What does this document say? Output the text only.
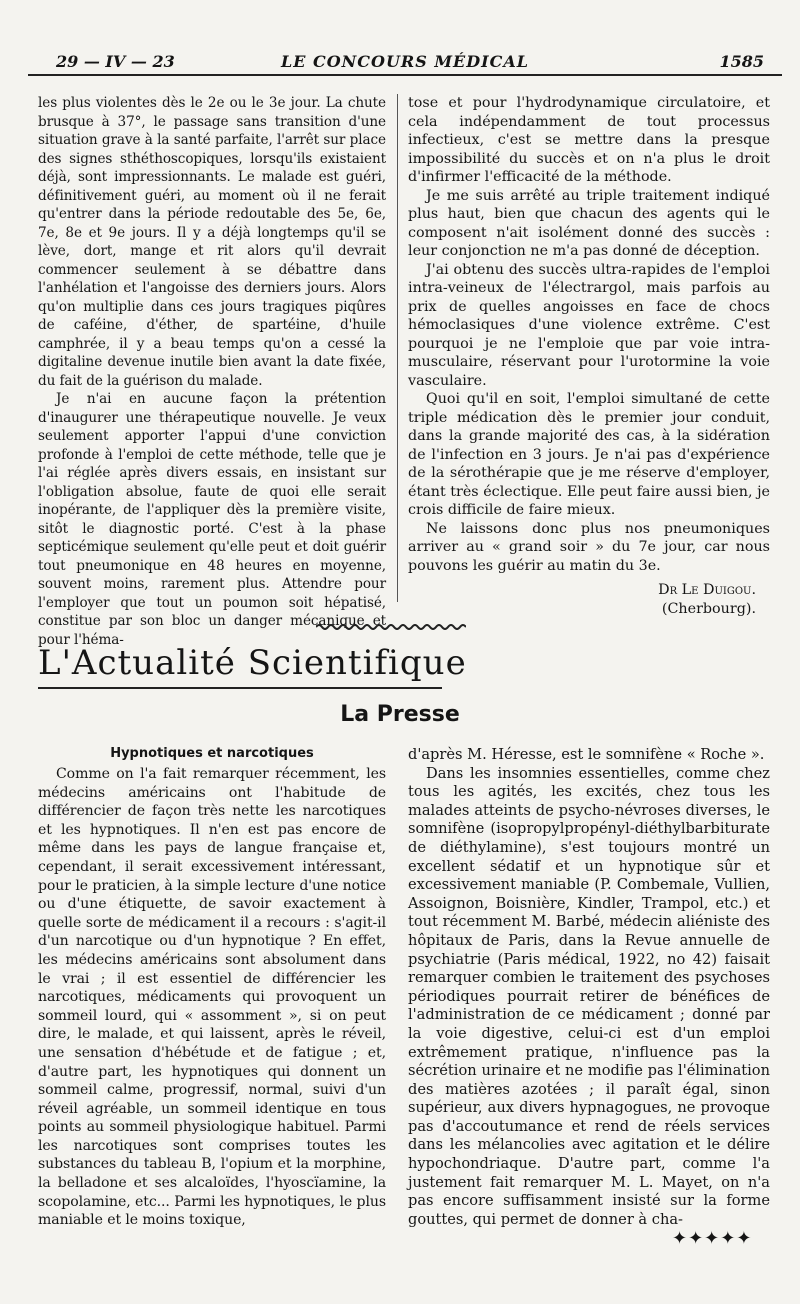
29 — IV — 23	LE CONCOURS MÉDICAL	1585

les plus violentes dès le 2e ou le 3e jour. La chute brusque à 37°, le passage sans transition d'une situation grave à la santé parfaite, l'arrêt sur place des signes sthéthoscopiques, lorsqu'ils existaient déjà, sont impressionnants. Le malade est guéri, définitivement guéri, au moment où il ne ferait qu'entrer dans la période redoutable des 5e, 6e, 7e, 8e et 9e jours. Il y a déjà longtemps qu'il se lève, dort, mange et rit alors qu'il devrait commencer seulement à se débattre dans l'anhélation et l'angoisse des derniers jours. Alors qu'on multiplie dans ces jours tragiques piqûres de caféine, d'éther, de spartéine, d'huile camphrée, il y a beau temps qu'on a cessé la digitaline devenue inutile bien avant la date fixée, du fait de la guérison du malade.

Je n'ai en aucune façon la prétention d'inaugurer une thérapeutique nouvelle. Je veux seulement apporter l'appui d'une conviction profonde à l'emploi de cette méthode, telle que je l'ai réglée après divers essais, en insistant sur l'obligation absolue, faute de quoi elle serait inopérante, de l'appliquer dès la première visite, sitôt le diagnostic porté. C'est à la phase septicémique seulement qu'elle peut et doit guérir tout pneumonique en 48 heures en moyenne, souvent moins, rarement plus. Attendre pour l'employer que tout un poumon soit hépatisé, constitue par son bloc un danger mécanique et pour l'héma-

tose et pour l'hydrodynamique circulatoire, et cela indépendamment de tout processus infectieux, c'est se mettre dans la presque impossibilité du succès et on n'a plus le droit d'infirmer l'efficacité de la méthode.

Je me suis arrêté au triple traitement indiqué plus haut, bien que chacun des agents qui le composent n'ait isolément donné des succès : leur conjonction ne m'a pas donné de déception.

J'ai obtenu des succès ultra-rapides de l'emploi intra-veineux de l'électrargol, mais parfois au prix de quelles angoisses en face de chocs hémoclasiques d'une violence extrême. C'est pourquoi je ne l'emploie que par voie intra-musculaire, réservant pour l'urotormine la voie vasculaire.

Quoi qu'il en soit, l'emploi simultané de cette triple médication dès le premier jour conduit, dans la grande majorité des cas, à la sidération de l'infection en 3 jours. Je n'ai pas d'expérience de la sérothérapie que je me réserve d'employer, étant très éclectique. Elle peut faire aussi bien, je crois difficile de faire mieux.

Ne laissons donc plus nos pneumoniques arriver au « grand soir » du 7e jour, car nous pouvons les guérir au matin du 3e.

Dr Le Duigou.
(Cherbourg).
L'Actualité Scientifique
La Presse
Hypnotiques et narcotiques

Comme on l'a fait remarquer récemment, les médecins américains ont l'habitude de différencier de façon très nette les narcotiques et les hypnotiques. Il n'en est pas encore de même dans les pays de langue française et, cependant, il serait excessivement intéressant, pour le praticien, à la simple lecture d'une notice ou d'une étiquette, de savoir exactement à quelle sorte de médicament il a recours : s'agit-il d'un narcotique ou d'un hypnotique ? En effet, les médecins américains sont absolument dans le vrai ; il est essentiel de différencier les narcotiques, médicaments qui provoquent un sommeil lourd, qui « assomment », si on peut dire, le malade, et qui laissent, après le réveil, une sensation d'hébétude et de fatigue ; et, d'autre part, les hypnotiques qui donnent un sommeil calme, progressif, normal, suivi d'un réveil agréable, un sommeil identique en tous points au sommeil physiologique habituel. Parmi les narcotiques sont comprises toutes les substances du tableau B, l'opium et la morphine, la belladone et ses alcaloïdes, l'hyoscïamine, la scopolamine, etc... Parmi les hypnotiques, le plus maniable et le moins toxique,

d'après M. Héresse, est le somnifène « Roche ».

Dans les insomnies essentielles, comme chez tous les agités, les excités, chez tous les malades atteints de psycho-névroses diverses, le somnifène (isopropylpropényl-diéthylbarbiturate de diéthylamine), s'est toujours montré un excellent sédatif et un hypnotique sûr et excessivement maniable (P. Combemale, Vullien, Assoignon, Boisnière, Kindler, Trampol, etc.) et tout récemment M. Barbé, médecin aliéniste des hôpitaux de Paris, dans la Revue annuelle de psychiatrie (Paris médical, 1922, no 42) faisait remarquer combien le traitement des psychoses périodiques pourrait retirer de bénéfices de l'administration de ce médicament ; donné par la voie digestive, celui-ci est d'un emploi extrêmement pratique, n'influence pas la sécrétion urinaire et ne modifie pas l'élimination des matières azotées ; il paraît égal, sinon supérieur, aux divers hypnagogues, ne provoque pas d'accoutumance et rend de réels services dans les mélancolies avec agitation et le délire hypochondriaque. D'autre part, comme l'a justement fait remarquer M. L. Mayet, on n'a pas encore suffisamment insisté sur la forme gouttes, qui permet de donner à cha-

✦✦✦✦✦
